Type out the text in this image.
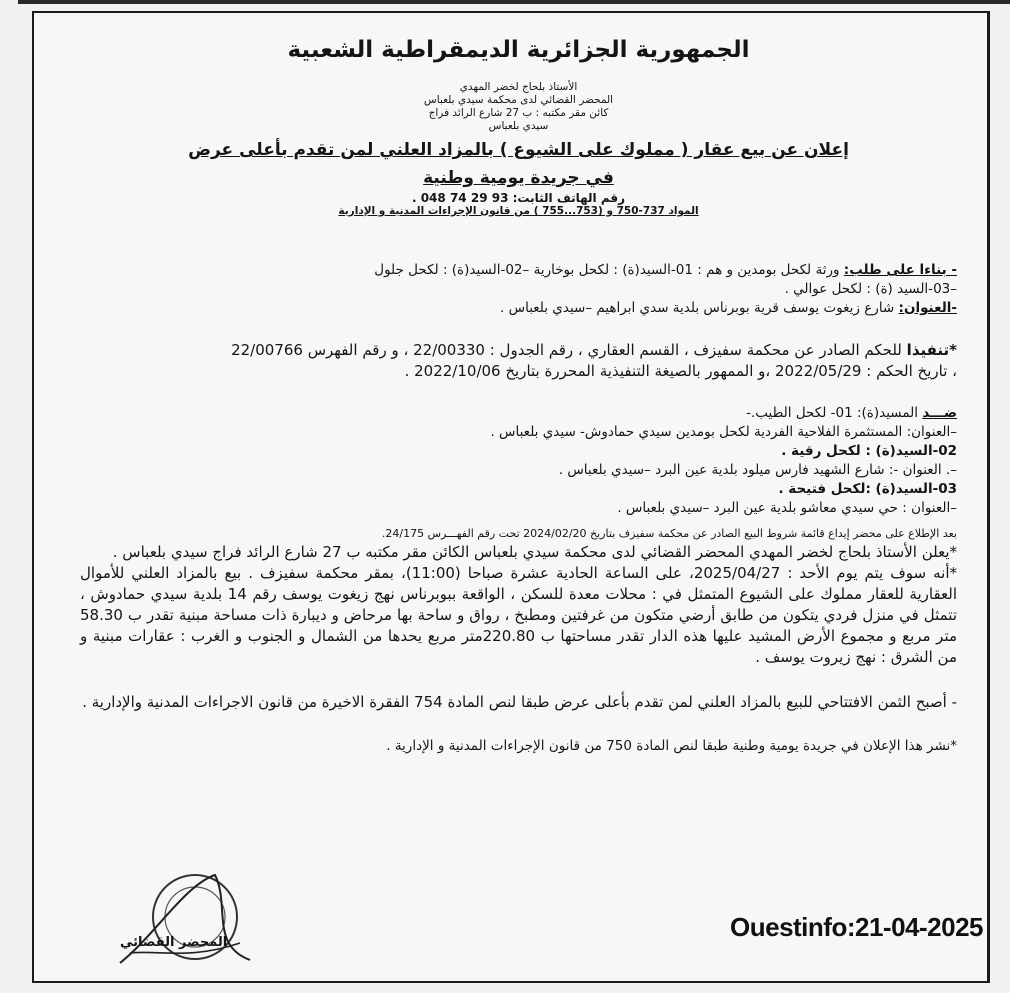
الجمهورية الجزائرية الديمقراطية الشعبية
الأستاذ بلحاج لخضر المهدي
المحضر القضائي لدى محكمة سيدي بلعباس
كائن مقر مكتبه : ب 27 شارع الرائد فراج
سيدي بلعباس
إعلان عن بيع عقار ( مملوك على الشيوع ) بالمزاد العلني لمن تقدم بأعلى عرض
في جريدة يومية وطنية
رقم الهاتف الثابت: 93 29 74 048 .
المواد 737-750 و (753...755 ) من قانون الإجراءات المدنية و الإدارية
- بناءا على طلب: ورثة لكحل بومدين و هم : 01-السيد(ة) : لكحل بوخارية –02-السيد(ة) : لكحل جلول
–03-السيد (ة) : لكحل عوالي .
-العنوان: شارع زيغوت يوسف قرية بوبرناس بلدية سدي ابراهيم –سيدي بلعباس .
*تنفيذا للحكم الصادر عن محكمة سفيزف ، القسم العقاري ، رقم الجدول : 22/00330 ، و رقم الفهرس 22/00766
، تاريخ الحكم : 2022/05/29 ،و الممهور بالصيغة التنفيذية المحررة بتاريخ 2022/10/06 .
ضـــد المسيد(ة): 01- لكحل الطيب.-
–العنوان: المستثمرة الفلاحية الفردية لكحل بومدين سيدي حمادوش- سيدي بلعباس .
02-السيد(ة) : لكحل رقية .
–. العنوان -: شارع الشهيد فارس ميلود بلدية عين البرد –سيدي بلعباس .
03-السيد(ة) :لكحل فتيحة .
–العنوان : حي سيدي معاشو بلدية عين البرد –سيدي بلعباس .
بعد الإطلاع على محضر إيداع قائمة شروط البيع الصادر عن محكمة سفيزف بتاريخ 2024/02/20 تحت رقم الفهـــرس 24/175.
*يعلن الأستاذ بلحاج لخضر المهدي المحضر القضائي لدى محكمة سيدي بلعباس الكائن مقر مكتبه ب 27 شارع الرائد فراج سيدي بلعباس .
*أنه سوف يتم يوم الأحد : 2025/04/27، على الساعة الحادية عشرة صباحا (11:00)، بمقر محكمة سفيزف . بيع بالمزاد العلني للأموال العقارية للعقار مملوك على الشيوع المتمثل في : محلات معدة للسكن ، الواقعة ببوبرناس نهج زيغوت يوسف رقم 14 بلدية سيدي حمادوش ، تتمثل في منزل فردي يتكون من طابق أرضي متكون من غرفتين ومطبخ ، رواق و ساحة بها مرحاض و ديبارة ذات مساحة مبنية تقدر ب 58.30 متر مربع و مجموع الأرض المشيد عليها هذه الدار تقدر مساحتها ب 220.80متر مربع يحدها من الشمال و الجنوب و الغرب : عقارات مبنية و من الشرق : نهج زيروت يوسف .
- أصبح الثمن الافتتاحي للبيع بالمزاد العلني لمن تقدم بأعلى عرض طبقا لنص المادة 754 الفقرة الاخيرة من قانون الاجراءات المدنية والإدارية .
*نشر هذا الإعلان في جريدة يومية وطنية طبقا لنص المادة 750 من قانون الإجراءات المدنية و الإدارية .
المحضر القضائي
Ouestinfo:21-04-2025
